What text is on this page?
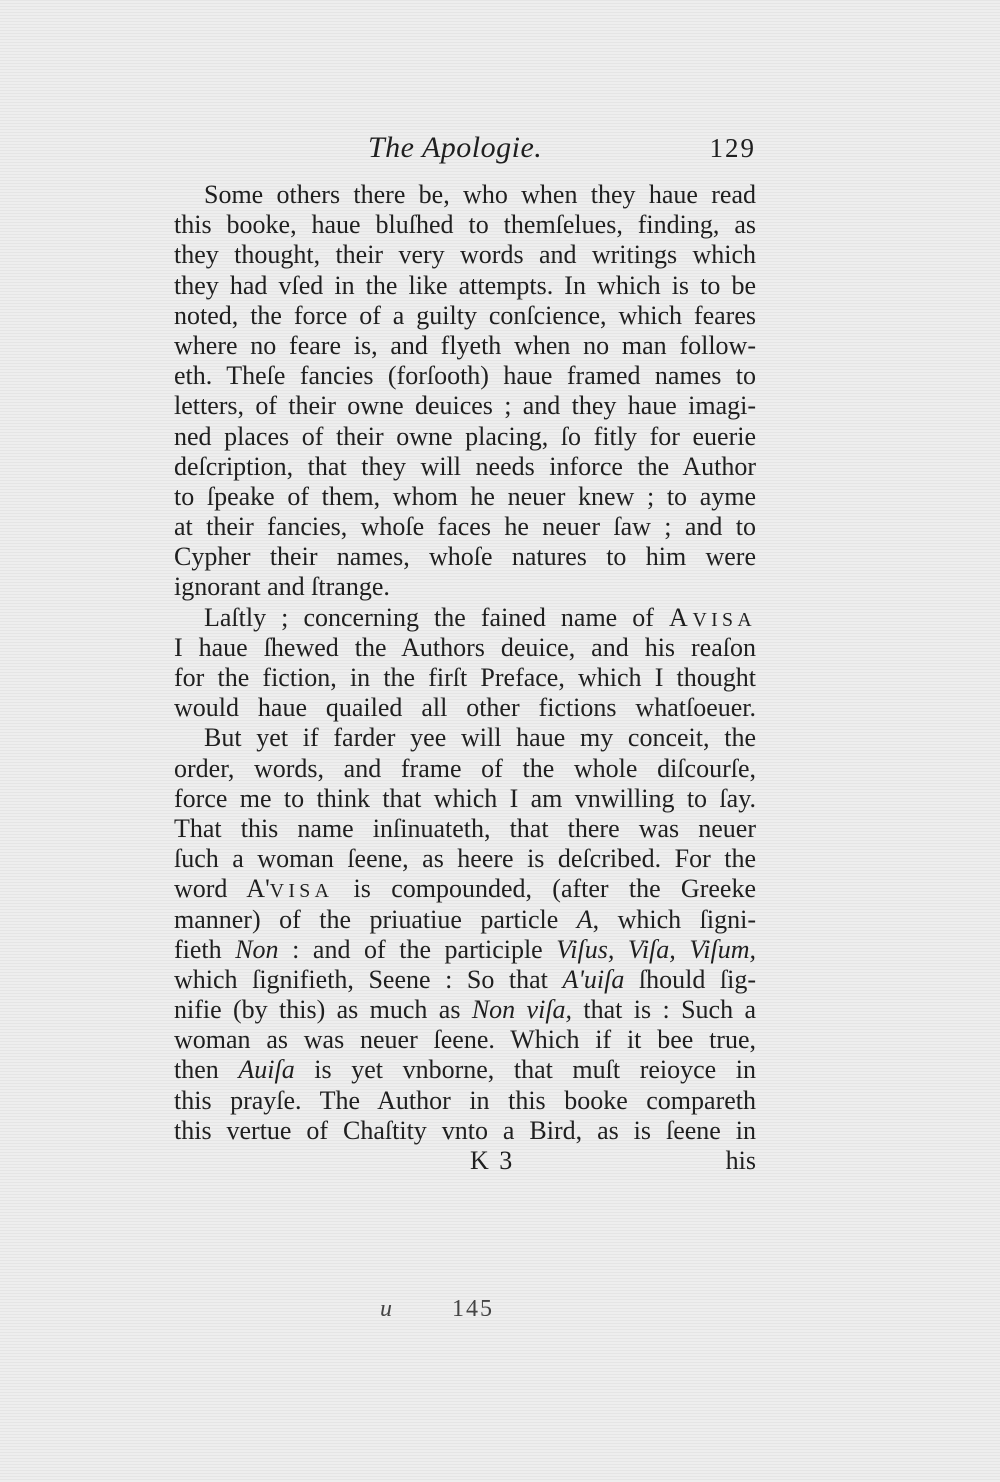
The Apologie.	129
Some others there be, who when they haue read
this booke, haue bluſhed to themſelues, finding, as
they thought, their very words and writings which
they had vſed in the like attempts. In which is to be
noted, the force of a guilty conſcience, which feares
where no feare is, and flyeth when no man follow-
eth. Theſe fancies (forſooth) haue framed names to
letters, of their owne deuices ; and they haue imagi-
ned places of their owne placing, ſo fitly for euerie
deſcription, that they will needs inforce the Author
to ſpeake of them, whom he neuer knew ; to ayme
at their fancies, whoſe faces he neuer ſaw ; and to
Cypher their names, whoſe natures to him were
ignorant and ſtrange.
Laſtly ; concerning the fained name of AVISA
I haue ſhewed the Authors deuice, and his reaſon
for the fiction, in the firſt Preface, which I thought
would haue quailed all other fictions whatſoeuer.
But yet if farder yee will haue my conceit, the
order, words, and frame of the whole diſcourſe,
force me to think that which I am vnwilling to ſay.
That this name inſinuateth, that there was neuer
ſuch a woman ſeene, as heere is deſcribed. For the
word A'VISA is compounded, (after the Greeke
manner) of the priuatiue particle A, which ſigni-
fieth Non : and of the participle Viſus, Viſa, Viſum,
which ſignifieth, Seene : So that A'uiſa ſhould ſig-
nifie (by this) as much as Non viſa, that is : Such a
woman as was neuer ſeene. Which if it bee true,
then Auiſa is yet vnborne, that muſt reioyce in
this prayſe. The Author in this booke compareth
this vertue of Chaſtity vnto a Bird, as is ſeene in
K 3	his
u	145
